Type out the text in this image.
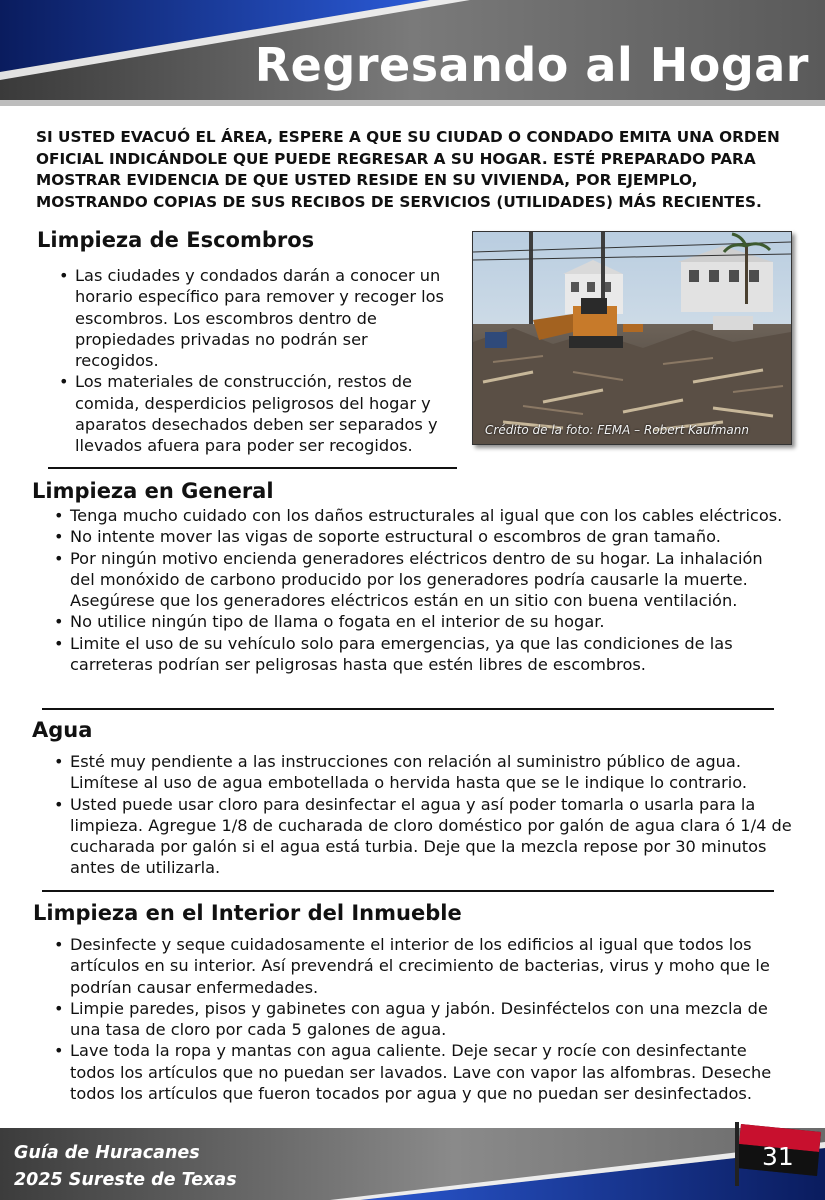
Regresando al Hogar
SI USTED EVACUÓ EL ÁREA, ESPERE A QUE SU CIUDAD O CONDADO EMITA UNA ORDEN OFICIAL INDICÁNDOLE QUE PUEDE REGRESAR A SU HOGAR. ESTÉ PREPARADO PARA MOSTRAR EVIDENCIA DE QUE USTED RESIDE EN SU VIVIENDA, POR EJEMPLO, MOSTRANDO COPIAS DE SUS RECIBOS DE SERVICIOS (UTILIDADES) MÁS RECIENTES.
Limpieza de Escombros
• Las ciudades y condados darán a conocer un horario específico para remover y recoger los escombros. Los escombros dentro de propiedades privadas no podrán ser recogidos.
• Los materiales de construcción, restos de comida, desperdicios peligrosos del hogar y aparatos desechados deben ser separados y llevados afuera para poder ser recogidos.
Crédito de la foto: FEMA – Robert Kaufmann
Limpieza en General
• Tenga mucho cuidado con los daños estructurales al igual que con los cables eléctricos.
• No intente mover las vigas de soporte estructural o escombros de gran tamaño.
• Por ningún motivo encienda generadores eléctricos dentro de su hogar. La inhalación del monóxido de carbono producido por los generadores podría causarle la muerte. Asegúrese que los generadores eléctricos están en un sitio con buena ventilación.
• No utilice ningún tipo de llama o fogata en el interior de su hogar.
• Limite el uso de su vehículo solo para emergencias, ya que las condiciones de las carreteras podrían ser peligrosas hasta que estén libres de escombros.
Agua
• Esté muy pendiente a las instrucciones con relación al suministro público de agua. Limítese al uso de agua embotellada o hervida hasta que se le indique lo contrario.
• Usted puede usar cloro para desinfectar el agua y así poder tomarla o usarla para la limpieza. Agregue 1/8 de cucharada de cloro doméstico por galón de agua clara ó 1/4 de cucharada por galón si el agua está turbia. Deje que la mezcla repose por 30 minutos antes de utilizarla.
Limpieza en el Interior del Inmueble
• Desinfecte y seque cuidadosamente el interior de los edificios al igual que todos los artículos en su interior. Así prevendrá el crecimiento de bacterias, virus y moho que le podrían causar enfermedades.
• Limpie paredes, pisos y gabinetes con agua y jabón. Desinféctelos con una mezcla de una tasa de cloro por cada 5 galones de agua.
• Lave toda la ropa y mantas con agua caliente. Deje secar y rocíe con desinfectante todos los artículos que no puedan ser lavados. Lave con vapor las alfombras. Deseche todos los artículos que fueron tocados por agua y que no puedan ser desinfectados.
Guía de Huracanes
2025 Sureste de Texas
31
